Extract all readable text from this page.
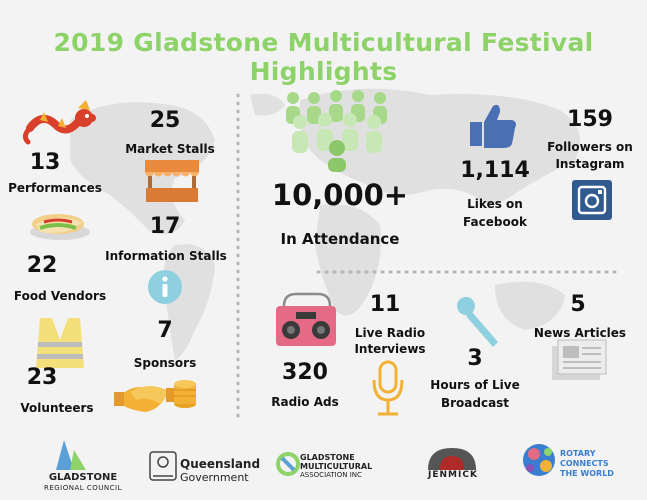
2019 Gladstone Multicultural Festival Highlights
13
Performances
22
Food Vendors
23
Volunteers
25
Market Stalls
17
Information Stalls
7
Sponsors
10,000+
In Attendance
1,114
Likes on
Facebook
159
Followers on
Instagram
320
Radio Ads
11
Live Radio
Interviews	3
Hours of Live
Broadcast
5
News Articles
GLADSTONE
REGIONAL COUNCIL
Queensland
Government
GLADSTONE
MULTICULTURAL
ASSOCIATION INC	JENMICK
ROTARY
CONNECTS
THE WORLD
